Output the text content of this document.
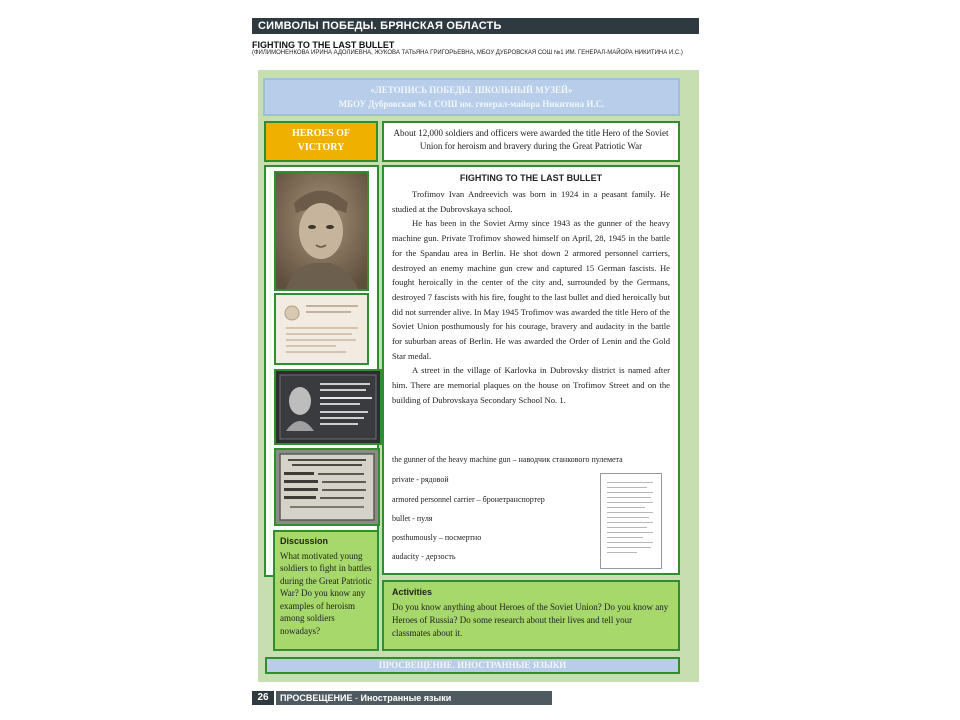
СИМВОЛЫ ПОБЕДЫ. БРЯНСКАЯ ОБЛАСТЬ
FIGHTING TO THE LAST BULLET
(ФИЛИМОНЕНКОВА ИРИНА АДОЛИЕВНА, ЖУКОВА ТАТЬЯНА ГРИГОРЬЕВНА, МБОУ ДУБРОВСКАЯ СОШ №1 ИМ. ГЕНЕРАЛ-МАЙОРА НИКИТИНА И.С.)
«ЛЕТОПИСЬ ПОБЕДЫ. ШКОЛЬНЫЙ МУЗЕЙ»
МБОУ Дубровская №1 СОШ им. генерал-майора Никитина И.С.
HEROES OF
VICTORY
About 12,000 soldiers and officers were awarded the title Hero of the Soviet Union for heroism and bravery during the Great Patriotic War
FIGHTING TO THE LAST BULLET

Trofimov Ivan Andreevich was born in 1924 in a peasant family. He studied at the Dubrovskaya school.

He has been in the Soviet Army since 1943 as the gunner of the heavy machine gun. Private Trofimov showed himself on April, 28, 1945 in the battle for the Spandau area in Berlin. He shot down 2 armored personnel carriers, destroyed an enemy machine gun crew and captured 15 German fascists. He fought heroically in the center of the city and, surrounded by the Germans, destroyed 7 fascists with his fire, fought to the last bullet and died heroically but did not surrender alive. In May 1945 Trofimov was awarded the title Hero of the Soviet Union posthumously for his courage, bravery and audacity in the battle for suburban areas of Berlin. He was awarded the Order of Lenin and the Gold Star medal.

A street in the village of Karlovka in Dubrovsky district is named after him. There are memorial plaques on the house on Trofimov Street and on the building of Dubrovskaya Secondary School No. 1.

the gunner of the heavy machine gun – наводчик станкового пулемета
private - рядовой
armored personnel carrier – бронетранспортер
bullet - пуля
posthumously – посмертно
audacity - дерзость
Discussion
What motivated young soldiers to fight in battles during the Great Patriotic War? Do you know any examples of heroism among soldiers nowadays?
Activities
Do you know anything about Heroes of the Soviet Union? Do you know any Heroes of Russia? Do some research about their lives and tell your classmates about it.
ПРОСВЕЩЕНИЕ. ИНОСТРАННЫЕ ЯЗЫКИ
26	ПРОСВЕЩЕНИЕ - Иностранные языки
